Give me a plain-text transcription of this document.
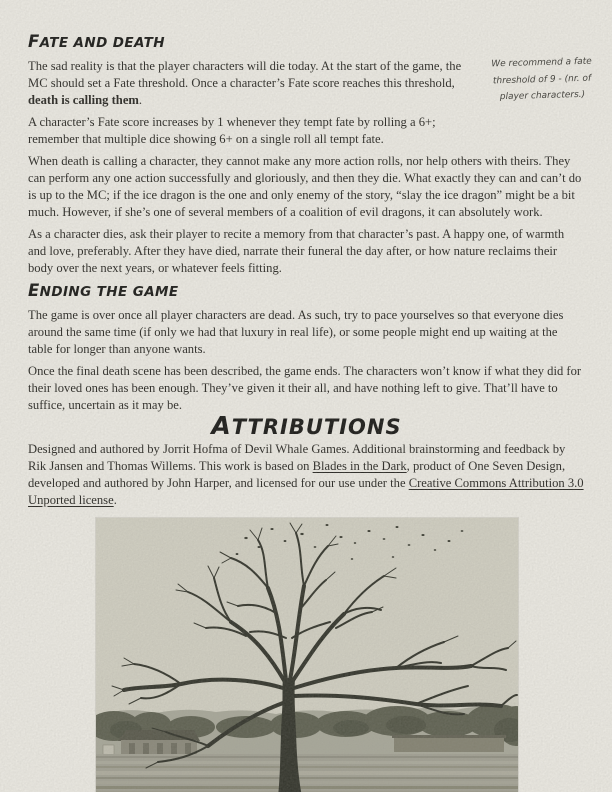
FATE AND DEATH

The sad reality is that the player characters will die today. At the start of the game, the MC should set a Fate threshold. Once a character’s Fate score reaches this threshold, death is calling them.

A character’s Fate score increases by 1 whenever they tempt fate by rolling a 6+; remember that multiple dice showing 6+ on a single roll all tempt fate.

We recommend a fate
threshold of 9 - (nr. of
player characters.)

When death is calling a character, they cannot make any more action rolls, nor help others with theirs. They can perform any one action successfully and gloriously, and then they die. What exactly they can and can’t do is up to the MC; if the ice dragon is the one and only enemy of the story, “slay the ice dragon” might be a bit much. However, if she’s one of several members of a coalition of evil dragons, it can absolutely work.

As a character dies, ask their player to recite a memory from that character’s past. A happy one, of warmth and love, preferably. After they have died, narrate their funeral the day after, or how nature reclaims their body over the next years, or whatever feels fitting.

ENDING THE GAME

The game is over once all player characters are dead. As such, try to pace yourselves so that everyone dies around the same time (if only we had that luxury in real life), or some people might end up waiting at the table for longer than anyone wants.

Once the final death scene has been described, the game ends. The characters won’t know if what they did for their loved ones has been enough. They’ve given it their all, and have nothing left to give. That’ll have to suffice, uncertain as it may be.

ATTRIBUTIONS

Designed and authored by Jorrit Hofma of Devil Whale Games. Additional brainstorming and feedback by Rik Jansen and Thomas Willems. This work is based on Blades in the Dark, product of One Seven Design, developed and authored by John Harper, and licensed for our use under the Creative Commons Attribution 3.0 Unported license.
